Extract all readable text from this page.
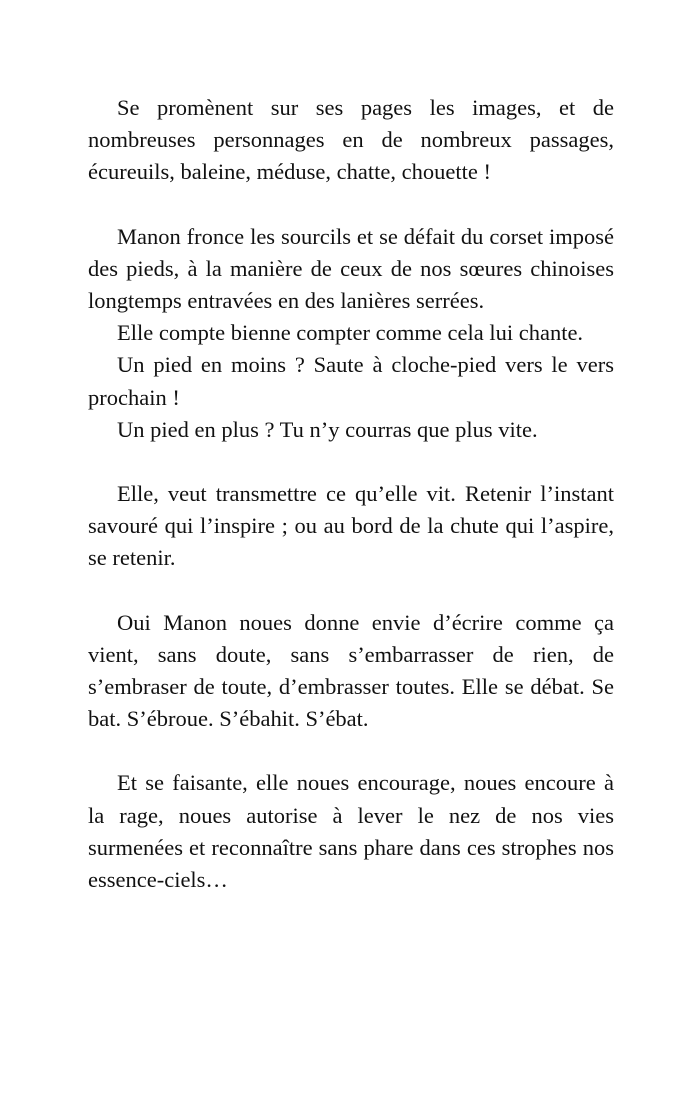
Se promènent sur ses pages les images, et de nombreuses personnages en de nombreux passages, écureuils, baleine, méduse, chatte, chouette !

Manon fronce les sourcils et se défait du corset imposé des pieds, à la manière de ceux de nos sœures chinoises longtemps entravées en des lanières serrées.

Elle compte bienne compter comme cela lui chante.

Un pied en moins ? Saute à cloche-pied vers le vers prochain !

Un pied en plus ? Tu n’y courras que plus vite.

Elle, veut transmettre ce qu’elle vit. Retenir l’instant savouré qui l’inspire ; ou au bord de la chute qui l’aspire, se retenir.

Oui Manon noues donne envie d’écrire comme ça vient, sans doute, sans s’embarrasser de rien, de s’embraser de toute, d’embrasser toutes. Elle se débat. Se bat. S’ébroue. S’ébahit. S’ébat.

Et se faisante, elle noues encourage, noues encoure à la rage, noues autorise à lever le nez de nos vies surmenées et reconnaître sans phare dans ces strophes nos essence-ciels…
